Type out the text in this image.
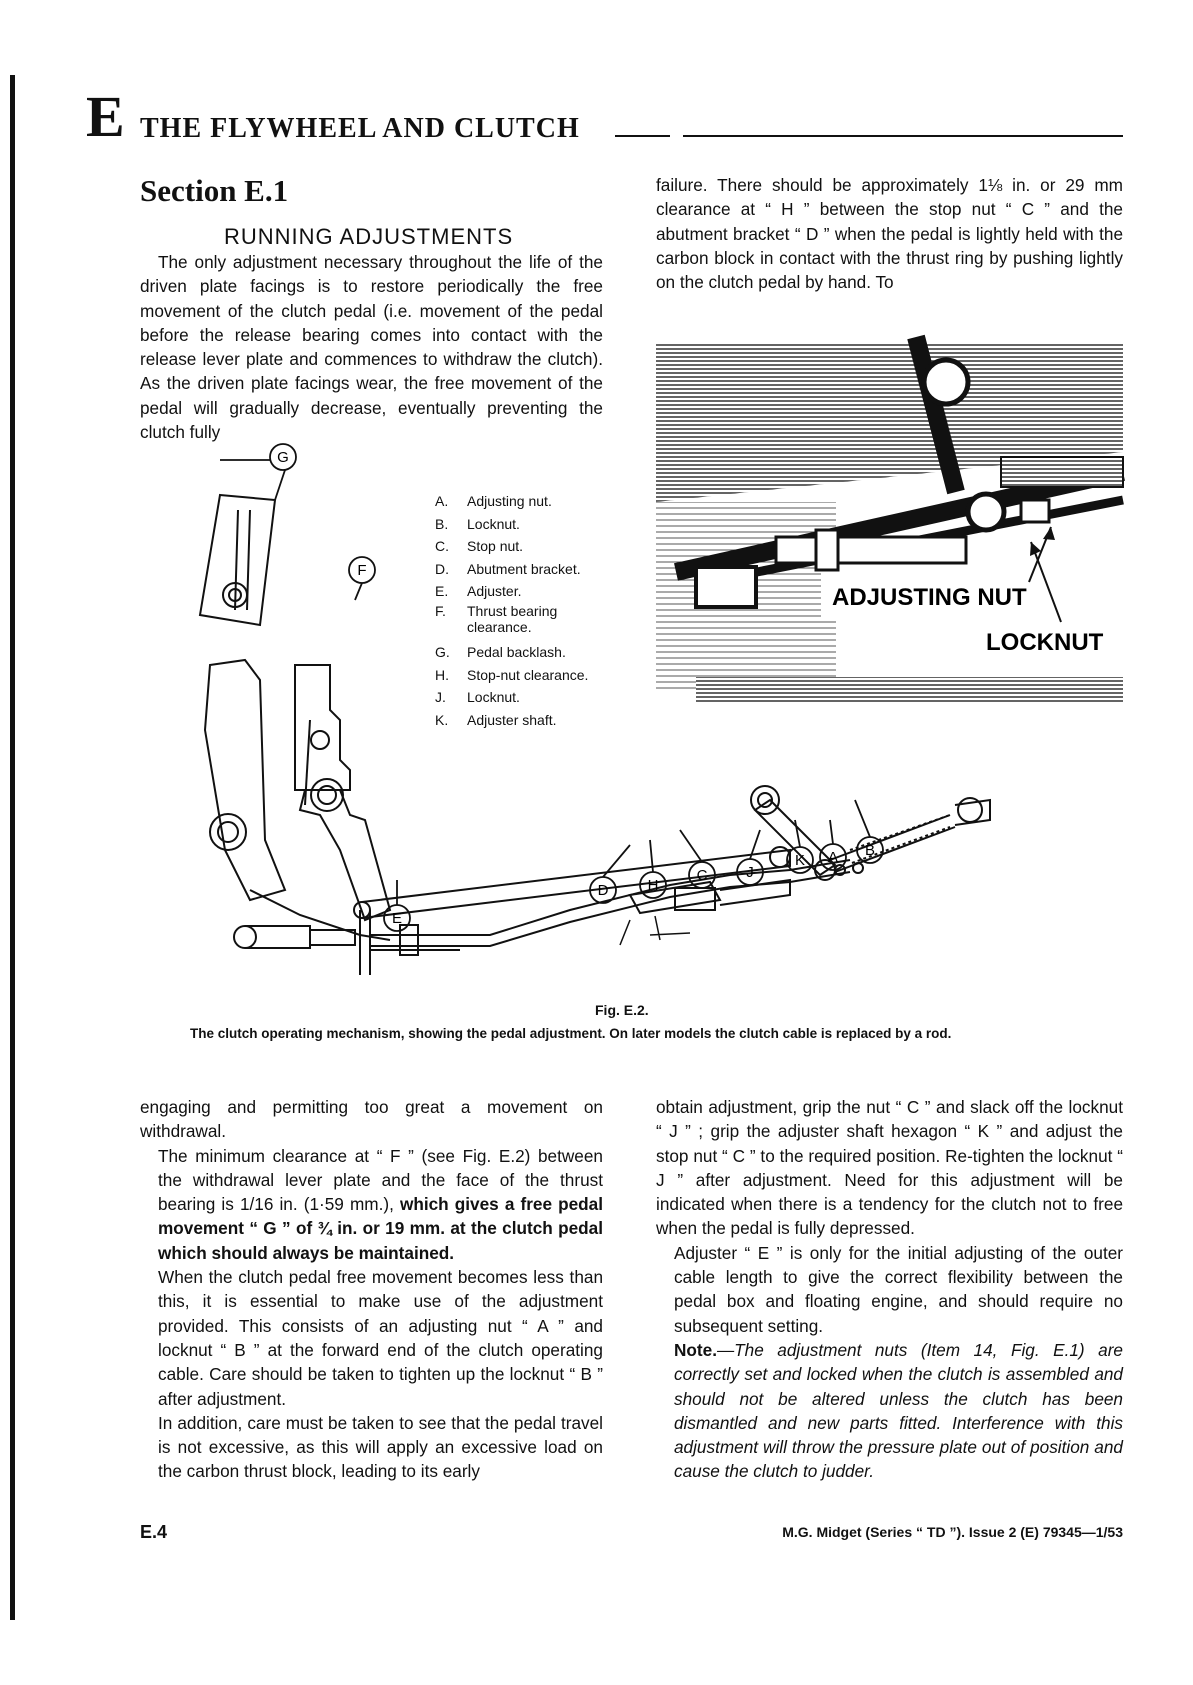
E THE FLYWHEEL AND CLUTCH
Section E.1
RUNNING ADJUSTMENTS

The only adjustment necessary throughout the life of the driven plate facings is to restore periodically the free movement of the clutch pedal (i.e. movement of the pedal before the release bearing comes into contact with the release lever plate and commences to withdraw the clutch). As the driven plate facings wear, the free movement of the pedal will gradually decrease, eventually preventing the clutch fully

failure. There should be approximately 1⅛ in. or 29 mm clearance at “ H ” between the stop nut “ C ” and the abutment bracket “ D ” when the pedal is lightly held with the carbon block in contact with the thrust ring by pushing lightly on the clutch pedal by hand. To

ADJUSTING NUT
LOCKNUT
G
F
E
D	H
C	J
K A B
A.	Adjusting nut.
B.	Locknut.
C.	Stop nut.
D.	Abutment bracket.
E.	Adjuster.
F.	Thrust bearing clearance.
G.	Pedal backlash.
H.	Stop-nut clearance.
J.	Locknut.
K.	Adjuster shaft.
Fig. E.2.
The clutch operating mechanism, showing the pedal adjustment. On later models the clutch cable is replaced by a rod.
engaging and permitting too great a movement on withdrawal.
The minimum clearance at “ F ” (see Fig. E.2) between the withdrawal lever plate and the face of the thrust bearing is 1/16 in. (1·59 mm.), which gives a free pedal movement “ G ” of ¾ in. or 19 mm. at the clutch pedal which should always be maintained.
When the clutch pedal free movement becomes less than this, it is essential to make use of the adjustment provided. This consists of an adjusting nut “ A ” and locknut “ B ” at the forward end of the clutch operating cable. Care should be taken to tighten up the locknut “ B ” after adjustment.
In addition, care must be taken to see that the pedal travel is not excessive, as this will apply an excessive load on the carbon thrust block, leading to its early
obtain adjustment, grip the nut “ C ” and slack off the locknut “ J ” ; grip the adjuster shaft hexagon “ K ” and adjust the stop nut “ C ” to the required position. Re-tighten the locknut “ J ” after adjustment. Need for this adjustment will be indicated when there is a tendency for the clutch not to free when the pedal is fully depressed.
Adjuster “ E ” is only for the initial adjusting of the outer cable length to give the correct flexibility between the pedal box and floating engine, and should require no subsequent setting.
Note.—The adjustment nuts (Item 14, Fig. E.1) are correctly set and locked when the clutch is assembled and should not be altered unless the clutch has been dismantled and new parts fitted. Interference with this adjustment will throw the pressure plate out of position and cause the clutch to judder.
E.4	M.G. Midget (Series “ TD ”). Issue 2 (E) 79345—1/53
